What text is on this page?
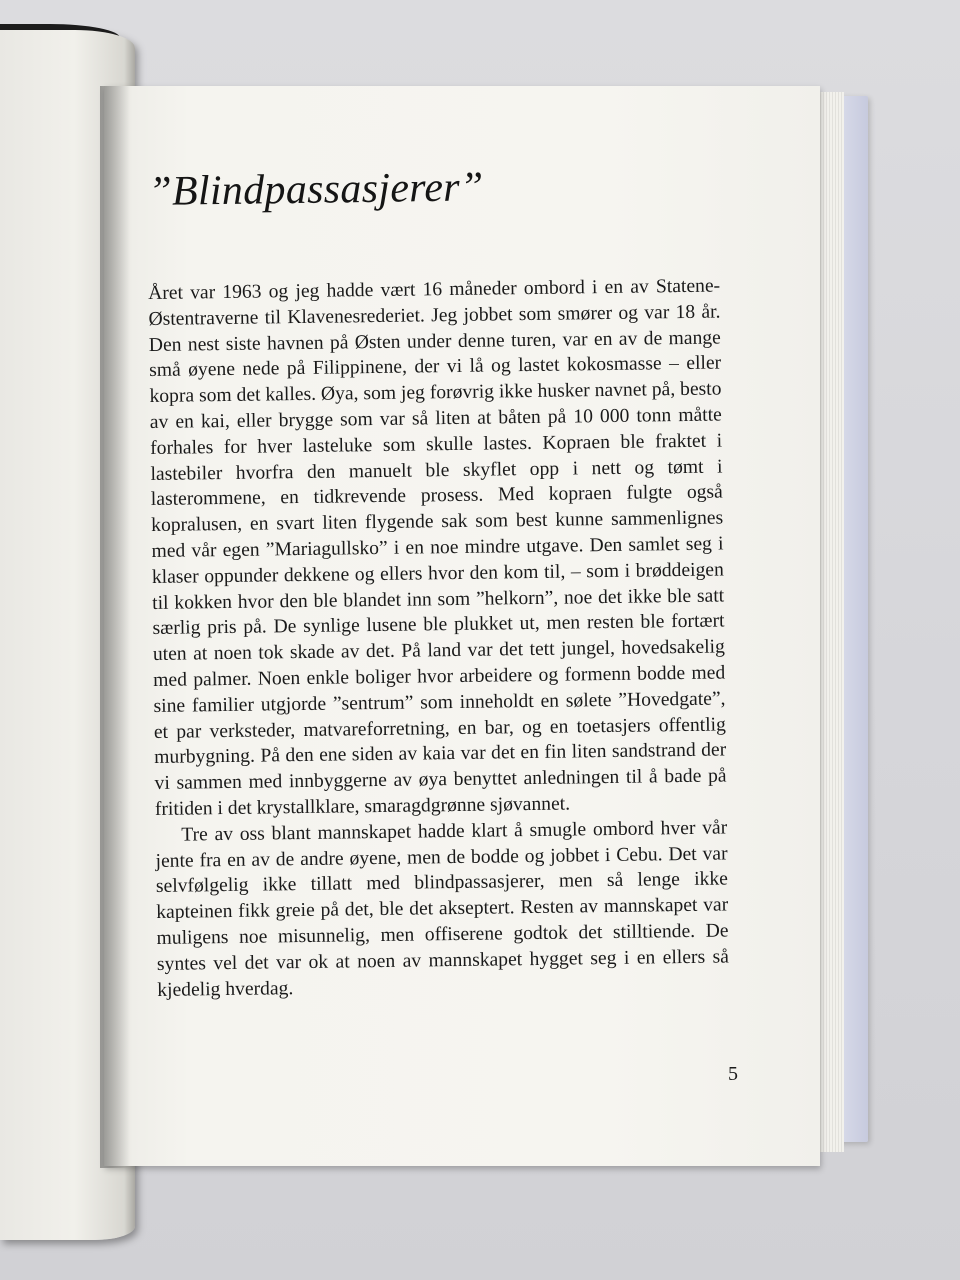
”Blindpassasjerer”

Året var 1963 og jeg hadde vært 16 måneder ombord i en av Statene-Østentraverne til Klavenesrederiet. Jeg jobbet som smører og var 18 år. Den nest siste havnen på Østen under denne turen, var en av de mange små øyene nede på Filippinene, der vi lå og lastet kokosmasse – eller kopra som det kalles. Øya, som jeg forøvrig ikke husker navnet på, besto av en kai, eller brygge som var så liten at båten på 10 000 tonn måtte forhales for hver lasteluke som skulle lastes. Kopraen ble fraktet i lastebiler hvorfra den manuelt ble skyflet opp i nett og tømt i lasterommene, en tidkrevende prosess. Med kopraen fulgte også kopralusen, en svart liten flygende sak som best kunne sammenlignes med vår egen ”Mariagullsko” i en noe mindre utgave. Den samlet seg i klaser oppunder dekkene og ellers hvor den kom til, – som i brøddeigen til kokken hvor den ble blandet inn som ”helkorn”, noe det ikke ble satt særlig pris på. De synlige lusene ble plukket ut, men resten ble fortært uten at noen tok skade av det. På land var det tett jungel, hovedsakelig med palmer. Noen enkle boliger hvor arbeidere og formenn bodde med sine familier utgjorde ”sentrum” som inneholdt en sølete ”Hovedgate”, et par verksteder, matvareforretning, en bar, og en toetasjers offentlig murbygning. På den ene siden av kaia var det en fin liten sandstrand der vi sammen med innbyggerne av øya benyttet anledningen til å bade på fritiden i det krystallklare, smaragdgrønne sjøvannet.

Tre av oss blant mannskapet hadde klart å smugle ombord hver vår jente fra en av de andre øyene, men de bodde og jobbet i Cebu. Det var selvfølgelig ikke tillatt med blindpassasjerer, men så lenge ikke kapteinen fikk greie på det, ble det akseptert. Resten av mannskapet var muligens noe misunnelig, men offiserene godtok det stilltiende. De syntes vel det var ok at noen av mannskapet hygget seg i en ellers så kjedelig hverdag.

5
